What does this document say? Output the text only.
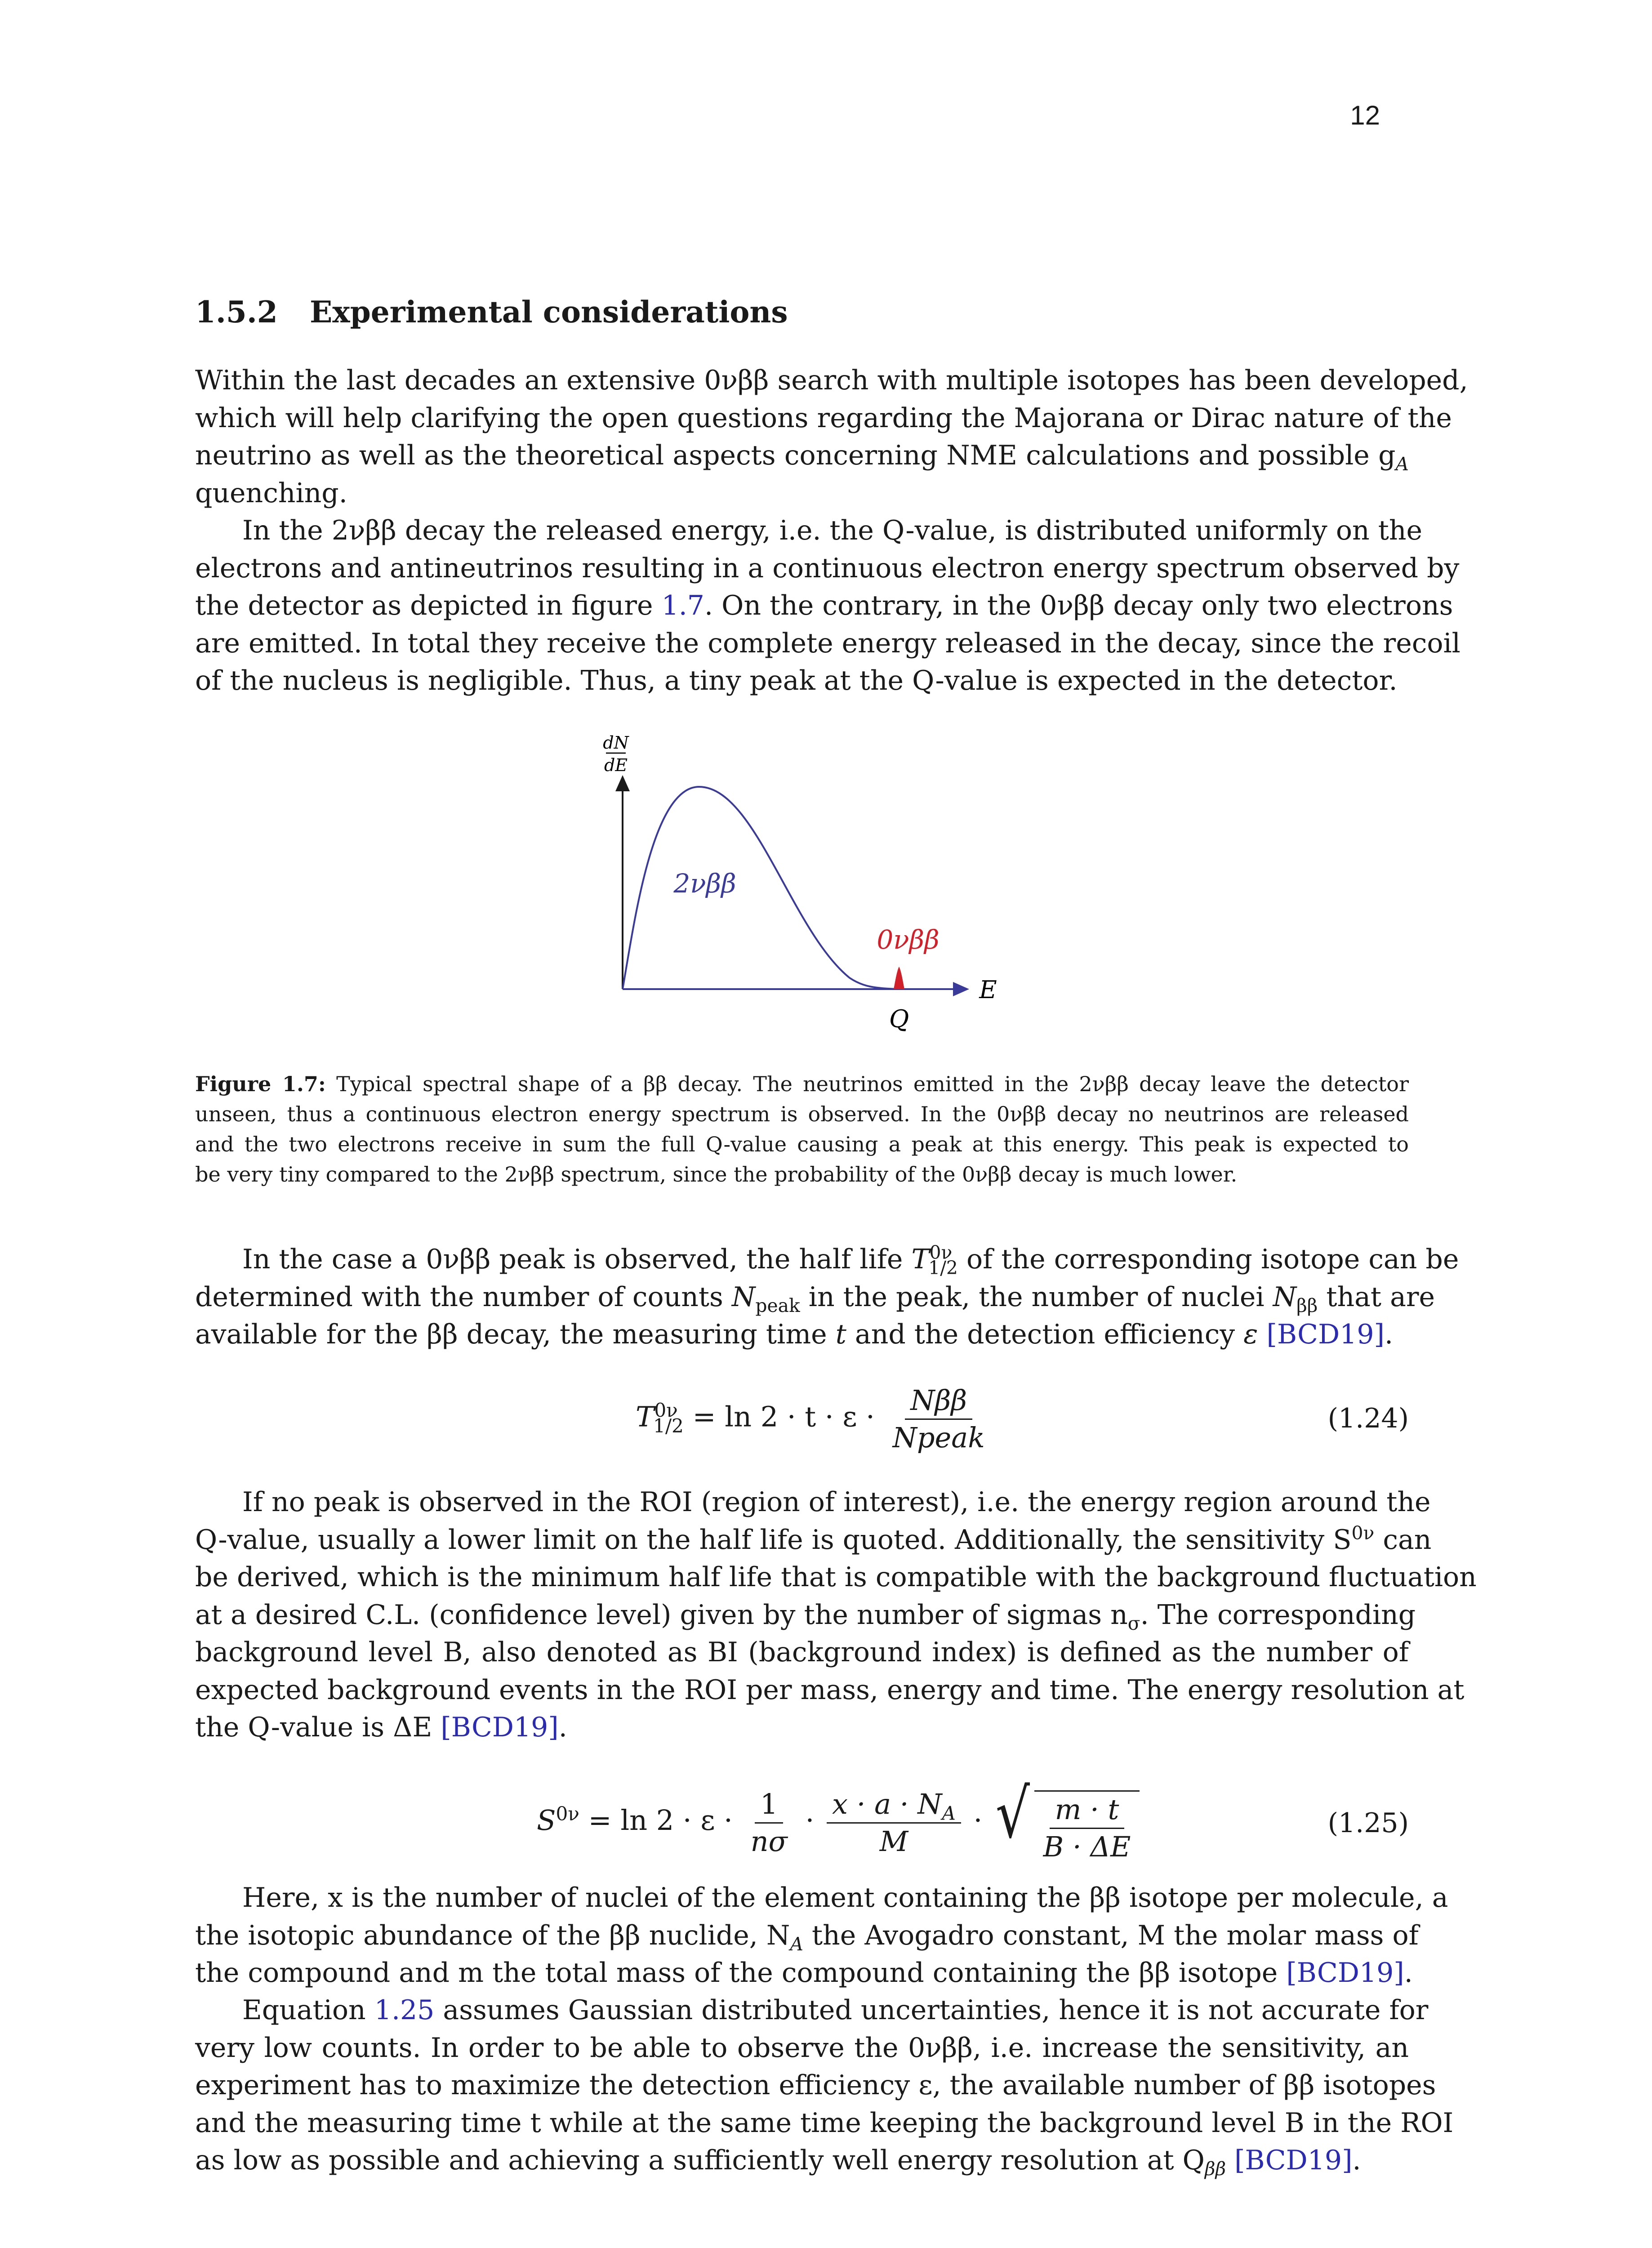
12
1.5.2 Experimental considerations
Within the last decades an extensive 0νββ search with multiple isotopes has been developed,
which will help clarifying the open questions regarding the Majorana or Dirac nature of the
neutrino as well as the theoretical aspects concerning NME calculations and possible $g_A$
quenching.
In the 2νββ decay the released energy, i.e. the Q-value, is distributed uniformly on the
electrons and antineutrinos resulting in a continuous electron energy spectrum observed by
the detector as depicted in figure 1.7. On the contrary, in the 0νββ decay only two electrons
are emitted. In total they receive the complete energy released in the decay, since the recoil
of the nucleus is negligible. Thus, a tiny peak at the Q-value is expected in the detector.
dN
dE
E
2νββ
0νββ
Q
Figure 1.7: Typical spectral shape of a ββ decay. The neutrinos emitted in the 2νββ decay leave the detector
unseen, thus a continuous electron energy spectrum is observed. In the 0νββ decay no neutrinos are released
and the two electrons receive in sum the full Q-value causing a peak at this energy. This peak is expected to
be very tiny compared to the 2νββ spectrum, since the probability of the 0νββ decay is much lower.
In the case a 0νββ peak is observed, the half life $T^{0\nu}_{1/2}$ of the corresponding isotope can be
determined with the number of counts $N_{peak}$ in the peak, the number of nuclei $N_{\beta\beta}$ that are
available for the ββ decay, the measuring time t and the detection efficiency ε [BCD19].
$T^{0\nu}_{1/2} = \ln 2 \cdot t \cdot \varepsilon \cdot \frac{\text{Nββ}}{\text{Npeak}}$	(1.24)
If no peak is observed in the ROI (region of interest), i.e. the energy region around the
Q-value, usually a lower limit on the half life is quoted. Additionally, the sensitivity $S^{0\nu}$ can
be derived, which is the minimum half life that is compatible with the background fluctuation
at a desired C.L. (confidence level) given by the number of sigmas $n_\sigma$. The corresponding
background level B, also denoted as BI (background index) is defined as the number of
expected background events in the ROI per mass, energy and time. The energy resolution at
the Q-value is ΔE [BCD19].
$S^{0\nu} = \ln 2 \cdot \varepsilon \cdot \frac{1}{n\sigma} \cdot \frac{x \cdot a \cdot N_A}{M}$ · √ $\frac{m \cdot t}{B \cdot \Delta E}$	(1.25)
Here, x is the number of nuclei of the element containing the ββ isotope per molecule, a
the isotopic abundance of the ββ nuclide, $N_A$ the Avogadro constant, M the molar mass of
the compound and m the total mass of the compound containing the ββ isotope [BCD19].
Equation 1.25 assumes Gaussian distributed uncertainties, hence it is not accurate for
very low counts. In order to be able to observe the 0νββ, i.e. increase the sensitivity, an
experiment has to maximize the detection efficiency ε, the available number of ββ isotopes
and the measuring time t while at the same time keeping the background level B in the ROI
as low as possible and achieving a sufficiently well energy resolution at $Q_{\beta\beta}$ [BCD19].
